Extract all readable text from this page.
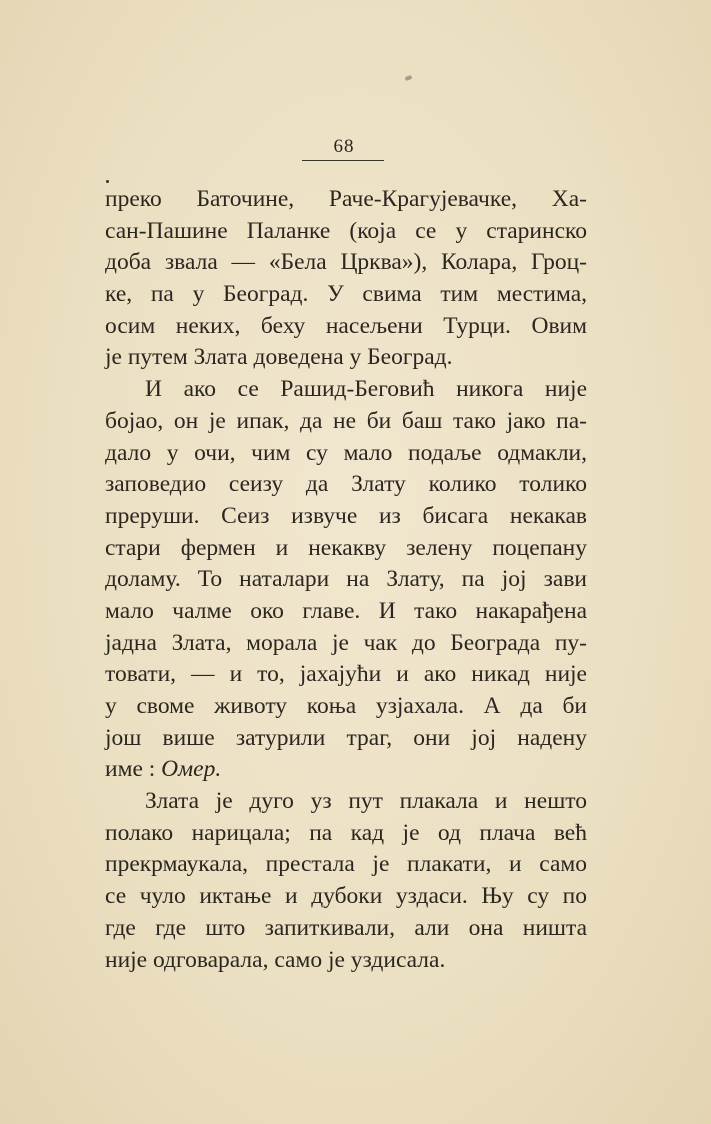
68
преко Баточине, Раче-Крагујевачке, Ха-
сан-Пашине Паланке (која се у старинско
доба звала — «Бела Црква»), Колара, Гроц-
ке, па у Београд. У свима тим местима,
осим неких, беху насељени Турци. Овим
је путем Злата доведена у Београд.
И ако се Рашид-Беговић никога није
бојао, он је ипак, да не би баш тако јако па-
дало у очи, чим су мало подаље одмакли,
заповедио сеизу да Злату колико толико
преруши. Сеиз извуче из бисага некакав
стари фермен и некакву зелену поцепану
доламу. То наталари на Злату, па јој зави
мало чалме око главе. И тако накарађена
јадна Злата, морала је чак до Београда пу-
товати, — и то, јахајући и ако никад није
у своме животу коња узјахала. А да би
још више затурили траг, они јој надену
име : Омер.
Злата је дуго уз пут плакала и нешто
полако нарицала; па кад је од плача већ
прекрмаукала, престала је плакати, и само
се чуло иктање и дубоки уздаси. Њу су по
где где што запиткивали, али она ништа
није одговарала, само је уздисала.
